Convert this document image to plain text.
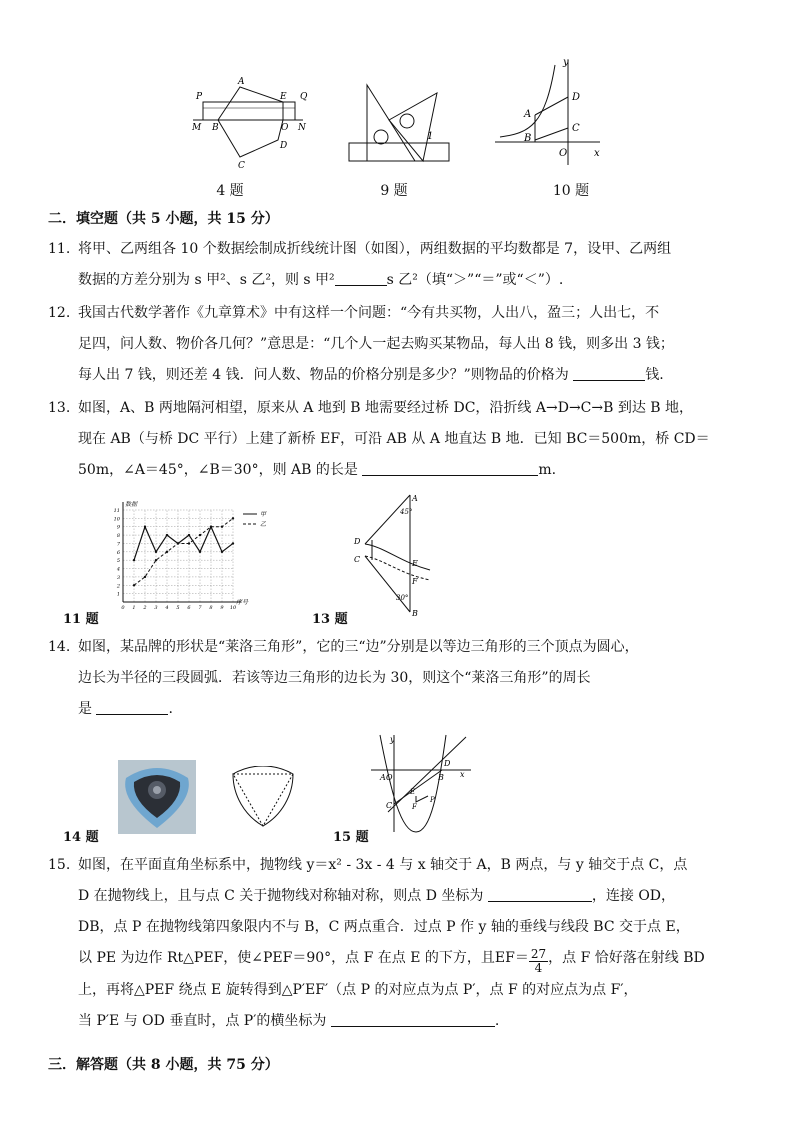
P
A
E Q
M B	O N
C
D
1
A
B
D
C
O	x
y
4 题	9 题	10 题
二．填空题（共 5 小题，共 15 分）
11. 将甲、乙两组各 10 个数据绘制成折线统计图（如图），两组数据的平均数都是 7，设甲、乙两组
数据的方差分别为 s 甲²、s 乙²，则 s 甲²	s 乙²（填“＞”“＝”或“＜”）.
12. 我国古代数学著作《九章算术》中有这样一个问题：“今有共买物，人出八，盈三；人出七，不
足四，问人数、物价各几何？”意思是：“几个人一起去购买某物品，每人出 8 钱，则多出 3 钱；
每人出 7 钱，则还差 4 钱．问人数、物品的价格分别是多少？”则物品的价格为	钱.
13. 如图，A、B 两地隔河相望，原来从 A 地到 B 地需要经过桥 DC，沿折线 A→D→C→B 到达 B 地，
现在 AB（与桥 DC 平行）上建了新桥 EF，可沿 AB 从 A 地直达 B 地．已知 BC＝500m，桥 CD＝
50m，∠A＝45°，∠B＝30°，则 AB 的长是	m.
0 1 2 3 4 5 6 7 8 9 10
1
2
3
4
5
6
7
8
9
10
11
数据
序号
甲
乙
D
C
A
B
E
F
45°
30°
11 题	13 题
14. 如图，某品牌的形状是“莱洛三角形”，它的三“边”分别是以等边三角形的三个顶点为圆心，
边长为半径的三段圆弧．若该等边三角形的边长为 30，则这个“莱洛三角形”的周长
是	.
A O	x
y
B
C
D
E
F
P
14 题	15 题
15. 如图，在平面直角坐标系中，抛物线 y＝x² - 3x - 4 与 x 轴交于 A，B 两点，与 y 轴交于点 C，点
D 在抛物线上，且与点 C 关于抛物线对称轴对称，则点 D 坐标为	，连接 OD，
DB，点 P 在抛物线第四象限内不与 B，C 两点重合．过点 P 作 y 轴的垂线与线段 BC 交于点 E，
以 PE 为边作 Rt△PEF，使∠PEF＝90°，点 F 在点 E 的下方，且$EF= \frac{27}{4}$ ，点 F 恰好落在射线 BD
上，再将△PEF 绕点 E 旋转得到△P′EF′（点 P 的对应点为点 P′，点 F 的对应点为点 F′，
当 P′E 与 OD 垂直时，点 P′的横坐标为	.
三．解答题（共 8 小题，共 75 分）
